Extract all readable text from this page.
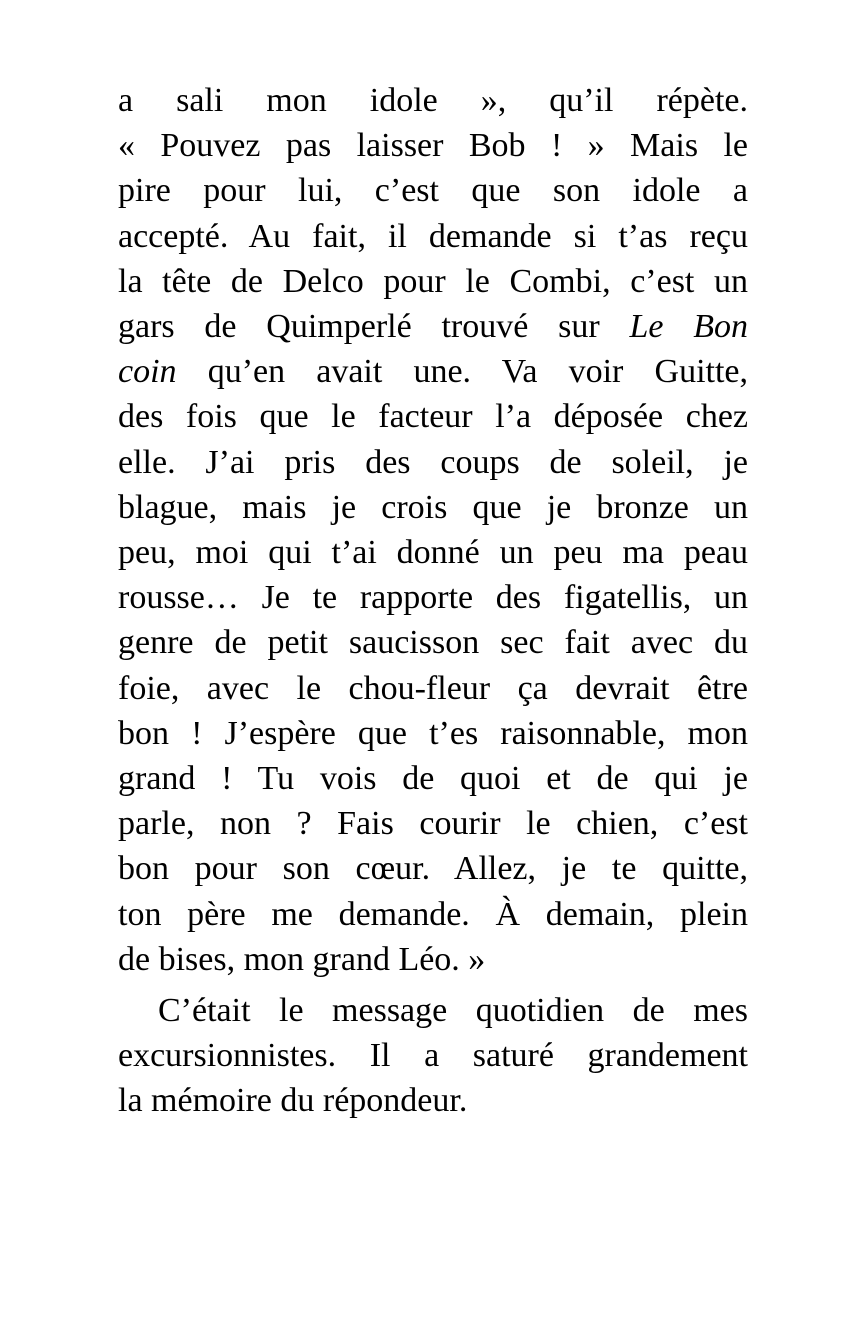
a sali mon idole », qu’il répète.
« Pouvez pas laisser Bob ! » Mais le
pire pour lui, c’est que son idole a
accepté. Au fait, il demande si t’as reçu
la tête de Delco pour le Combi, c’est un
gars de Quimperlé trouvé sur Le Bon
coin qu’en avait une. Va voir Guitte,
des fois que le facteur l’a déposée chez
elle. J’ai pris des coups de soleil, je
blague, mais je crois que je bronze un
peu, moi qui t’ai donné un peu ma peau
rousse… Je te rapporte des figatellis, un
genre de petit saucisson sec fait avec du
foie, avec le chou-fleur ça devrait être
bon ! J’espère que t’es raisonnable, mon
grand ! Tu vois de quoi et de qui je
parle, non ? Fais courir le chien, c’est
bon pour son cœur. Allez, je te quitte,
ton père me demande. À demain, plein
de bises, mon grand Léo. »

C’était le message quotidien de mes
excursionnistes. Il a saturé grandement
la mémoire du répondeur.
